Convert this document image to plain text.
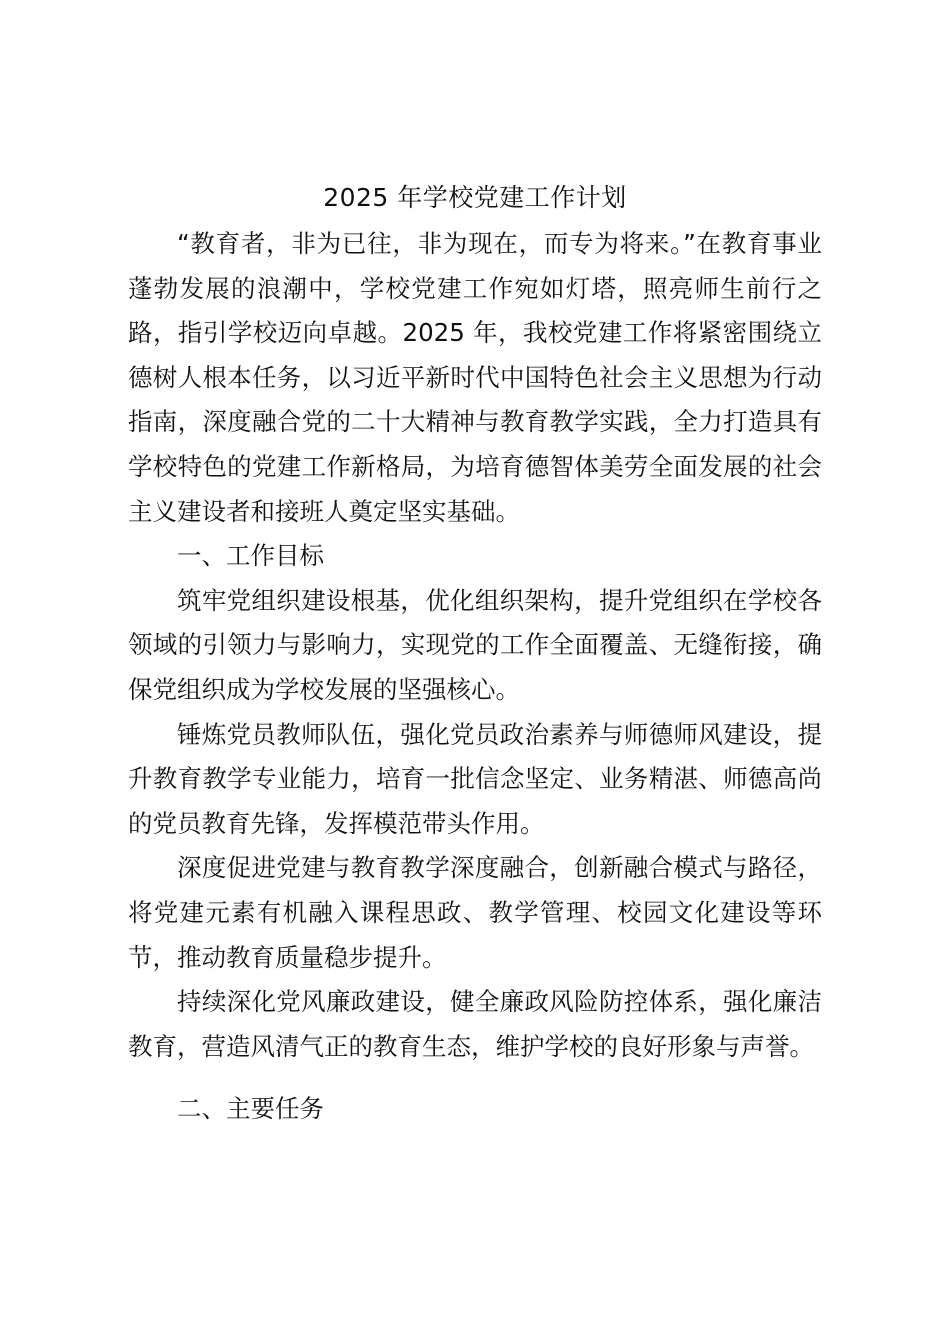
2025 年学校党建工作计划

“教育者，非为已往，非为现在，而专为将来。”在教育事业蓬勃发展的浪潮中，学校党建工作宛如灯塔，照亮师生前行之路，指引学校迈向卓越。2025 年，我校党建工作将紧密围绕立德树人根本任务，以习近平新时代中国特色社会主义思想为行动指南，深度融合党的二十大精神与教育教学实践，全力打造具有学校特色的党建工作新格局，为培育德智体美劳全面发展的社会主义建设者和接班人奠定坚实基础。

一、工作目标

筑牢党组织建设根基，优化组织架构，提升党组织在学校各领域的引领力与影响力，实现党的工作全面覆盖、无缝衔接，确保党组织成为学校发展的坚强核心。

锤炼党员教师队伍，强化党员政治素养与师德师风建设，提升教育教学专业能力，培育一批信念坚定、业务精湛、师德高尚的党员教育先锋，发挥模范带头作用。

深度促进党建与教育教学深度融合，创新融合模式与路径，将党建元素有机融入课程思政、教学管理、校园文化建设等环节，推动教育质量稳步提升。

持续深化党风廉政建设，健全廉政风险防控体系，强化廉洁教育，营造风清气正的教育生态，维护学校的良好形象与声誉。

二、主要任务
